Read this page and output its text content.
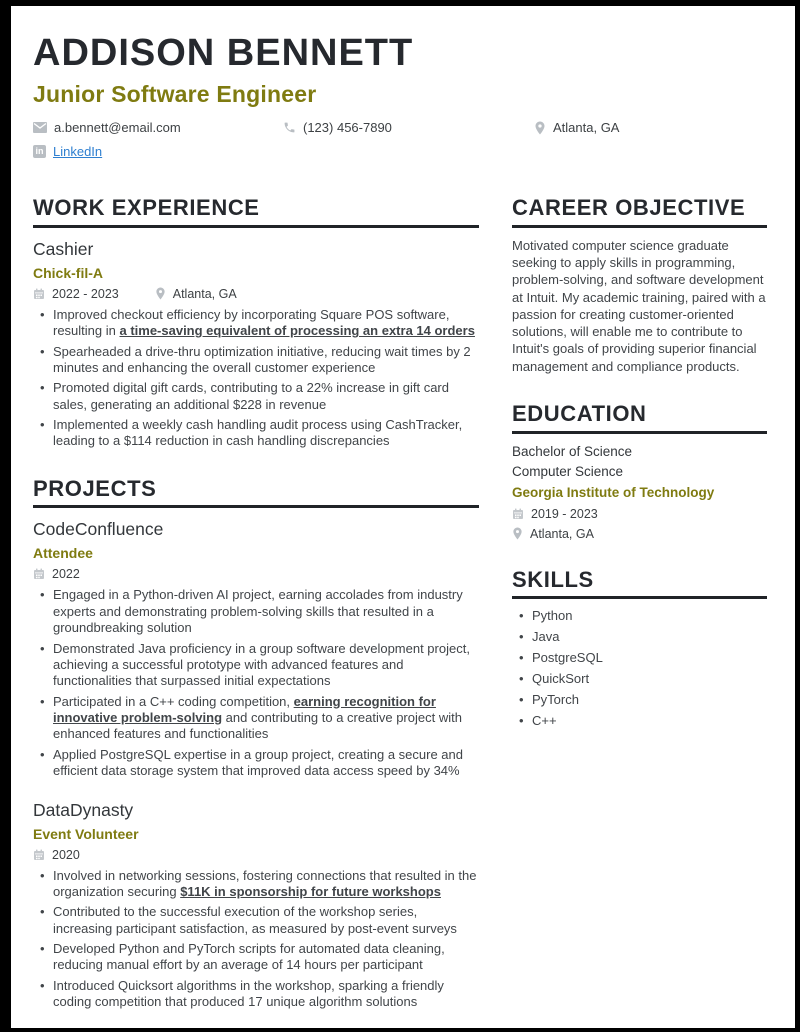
ADDISON BENNETT
Junior Software Engineer
a.bennett@email.com	(123) 456-7890	Atlanta, GA
in LinkedIn
WORK EXPERIENCE
Cashier
Chick-fil-A
2022 - 2023	Atlanta, GA
• Improved checkout efficiency by incorporating Square POS software, resulting in a time-saving equivalent of processing an extra 14 orders
• Spearheaded a drive-thru optimization initiative, reducing wait times by 2 minutes and enhancing the overall customer experience
• Promoted digital gift cards, contributing to a 22% increase in gift card sales, generating an additional $228 in revenue
• Implemented a weekly cash handling audit process using CashTracker, leading to a $114 reduction in cash handling discrepancies
PROJECTS
CodeConfluence
Attendee
2022
• Engaged in a Python-driven AI project, earning accolades from industry experts and demonstrating problem-solving skills that resulted in a groundbreaking solution
• Demonstrated Java proficiency in a group software development project, achieving a successful prototype with advanced features and functionalities that surpassed initial expectations
• Participated in a C++ coding competition, earning recognition for innovative problem-solving and contributing to a creative project with enhanced features and functionalities
• Applied PostgreSQL expertise in a group project, creating a secure and efficient data storage system that improved data access speed by 34%
DataDynasty
Event Volunteer
2020
• Involved in networking sessions, fostering connections that resulted in the organization securing $11K in sponsorship for future workshops
• Contributed to the successful execution of the workshop series, increasing participant satisfaction, as measured by post-event surveys
• Developed Python and PyTorch scripts for automated data cleaning, reducing manual effort by an average of 14 hours per participant
• Introduced Quicksort algorithms in the workshop, sparking a friendly coding competition that produced 17 unique algorithm solutions
CAREER OBJECTIVE

Motivated computer science graduate seeking to apply skills in programming, problem-solving, and software development at Intuit. My academic training, paired with a passion for creating customer-oriented solutions, will enable me to contribute to Intuit's goals of providing superior financial management and compliance products.

EDUCATION
Bachelor of Science
Computer Science
Georgia Institute of Technology
2019 - 2023
Atlanta, GA
SKILLS
• Python
• Java
• PostgreSQL
• QuickSort
• PyTorch
• C++
